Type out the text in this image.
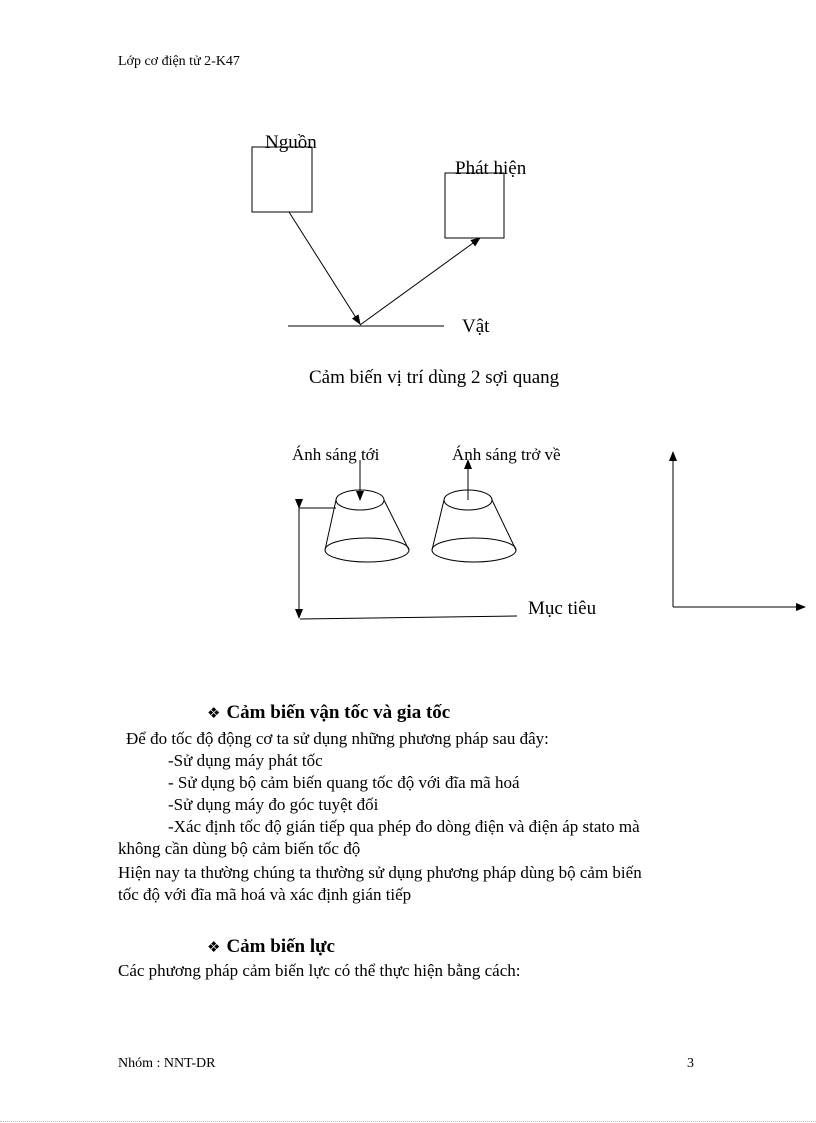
Lớp cơ điện tử 2-K47
Nguồn
Phát hiện
Vật
Cảm biến vị trí dùng 2 sợi quang
Ánh sáng tới	Ánh sáng trở về
Mục tiêu
❖ Cảm biến vận tốc và gia tốc
Để đo tốc độ động cơ ta sử dụng những phương pháp sau đây:
-Sử dụng máy phát tốc
- Sử dụng bộ cảm biến quang tốc độ với đĩa mã hoá
-Sử dụng máy đo góc tuyệt đối
-Xác định tốc độ gián tiếp qua phép đo dòng điện và điện áp stato mà
không cần dùng bộ cảm biến tốc độ
Hiện nay ta thường chúng ta thường sử dụng phương pháp dùng bộ cảm biến
tốc độ với đĩa mã hoá và xác định gián tiếp
❖ Cảm biến lực
Các phương pháp cảm biến lực có thể thực hiện bằng cách:
Nhóm : NNT-DR	3
